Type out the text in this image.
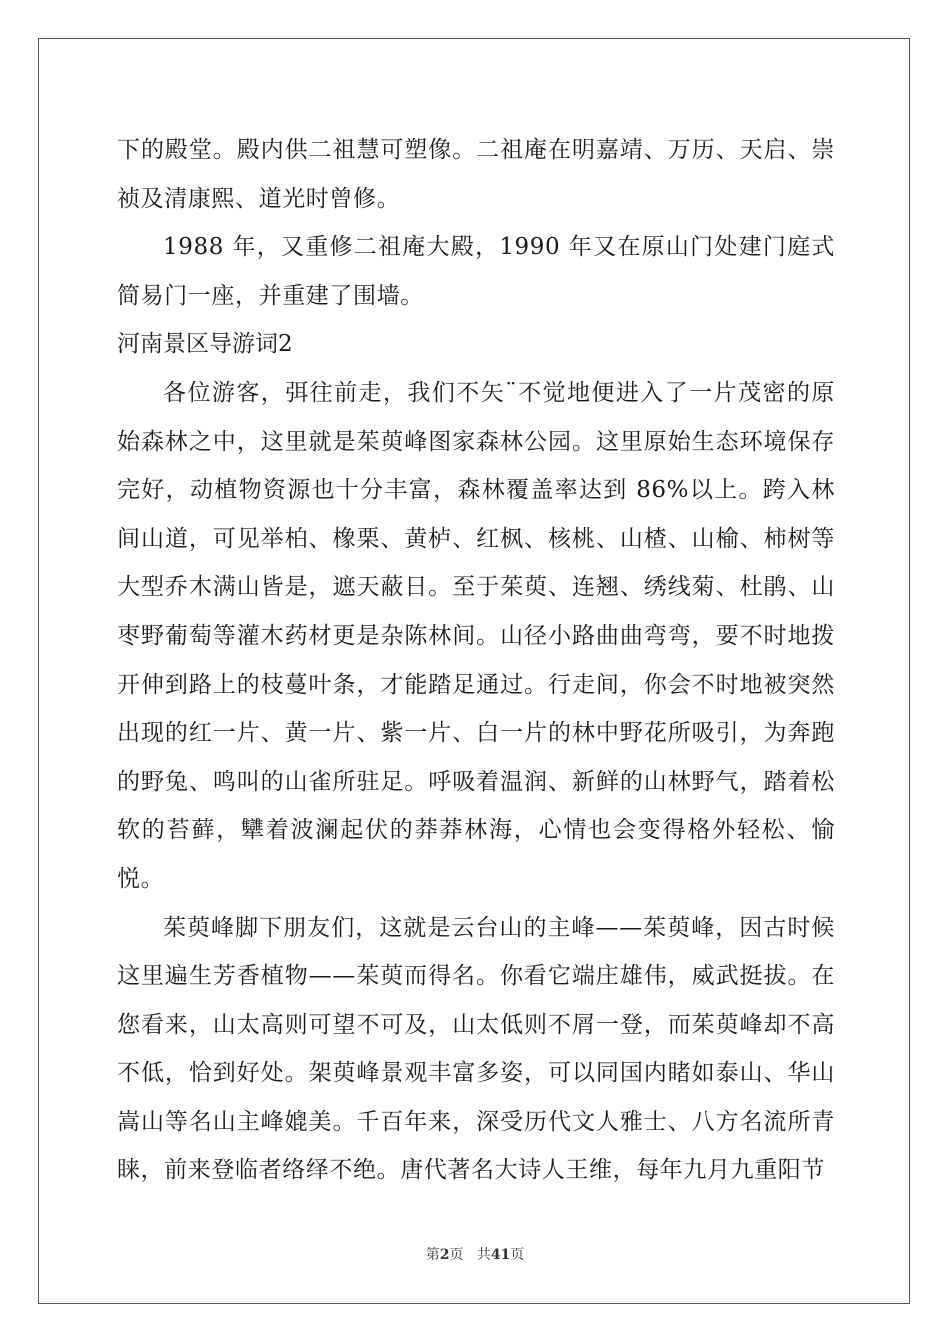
下的殿堂。殿内供二祖慧可塑像。二祖庵在明嘉靖、万历、天启、崇祯及清康熙、道光时曾修。

1988 年，又重修二祖庵大殿，1990 年又在原山门处建门庭式简易门一座，并重建了围墙。

河南景区导游词2

各位游客，弭往前走，我们不矢¨不觉地便进入了一片茂密的原始森林之中，这里就是茱萸峰图家森林公园。这里原始生态环境保存完好，动植物资源也十分丰富，森林覆盖率达到 86%以上。跨入林间山道，可见举柏、橡栗、黄栌、红枫、核桃、山楂、山榆、柿树等大型乔木满山皆是，遮天蔽日。至于茱萸、连翘、绣线菊、杜鹃、山枣野葡萄等灌木药材更是杂陈林间。山径小路曲曲弯弯，要不时地拨开伸到路上的枝蔓叶条，才能踏足通过。行走间，你会不时地被突然出现的红一片、黄一片、紫一片、白一片的林中野花所吸引，为奔跑的野兔、鸣叫的山雀所驻足。呼吸着温润、新鲜的山林野气，踏着松软的苔藓，犫着波澜起伏的莽莽林海，心情也会变得格外轻松、愉悦。

茱萸峰脚下朋友们，这就是云台山的主峰——茱萸峰，因古时候这里遍生芳香植物——茱萸而得名。你看它端庄雄伟，威武挺拔。在您看来，山太高则可望不可及，山太低则不屑一登，而茱萸峰却不高不低，恰到好处。架萸峰景观丰富多姿，可以同国内睹如泰山、华山嵩山等名山主峰媲美。千百年来，深受历代文人雅士、八方名流所青睐，前来登临者络绎不绝。唐代著名大诗人王维，每年九月九重阳节

第2页 共41页
